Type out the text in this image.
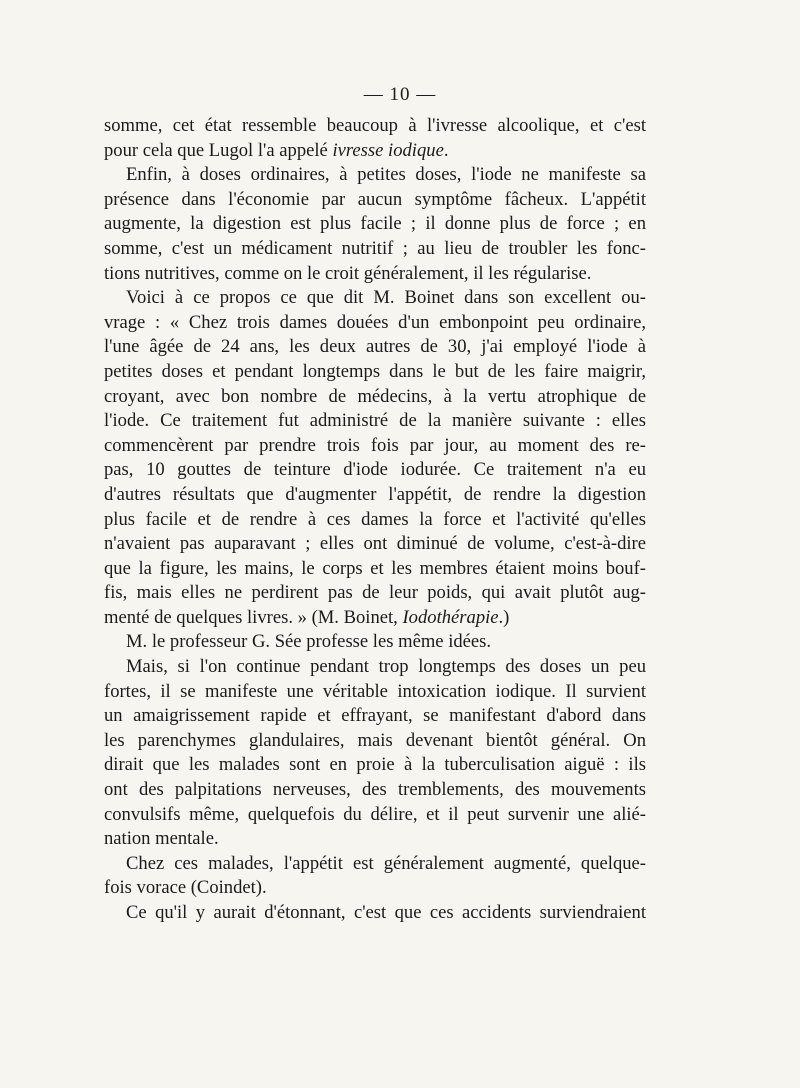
— 10 —

somme, cet état ressemble beaucoup à l'ivresse alcoolique, et c'est
pour cela que Lugol l'a appelé ivresse iodique.

Enfin, à doses ordinaires, à petites doses, l'iode ne manifeste sa
présence dans l'économie par aucun symptôme fâcheux. L'appétit
augmente, la digestion est plus facile ; il donne plus de force ; en
somme, c'est un médicament nutritif ; au lieu de troubler les fonc-
tions nutritives, comme on le croit généralement, il les régularise.

Voici à ce propos ce que dit M. Boinet dans son excellent ou-
vrage : « Chez trois dames douées d'un embonpoint peu ordinaire,
l'une âgée de 24 ans, les deux autres de 30, j'ai employé l'iode à
petites doses et pendant longtemps dans le but de les faire maigrir,
croyant, avec bon nombre de médecins, à la vertu atrophique de
l'iode. Ce traitement fut administré de la manière suivante : elles
commencèrent par prendre trois fois par jour, au moment des re-
pas, 10 gouttes de teinture d'iode iodurée. Ce traitement n'a eu
d'autres résultats que d'augmenter l'appétit, de rendre la digestion
plus facile et de rendre à ces dames la force et l'activité qu'elles
n'avaient pas auparavant ; elles ont diminué de volume, c'est-à-dire
que la figure, les mains, le corps et les membres étaient moins bouf-
fis, mais elles ne perdirent pas de leur poids, qui avait plutôt aug-
menté de quelques livres. » (M. Boinet, Iodothérapie.)

M. le professeur G. Sée professe les même idées.

Mais, si l'on continue pendant trop longtemps des doses un peu
fortes, il se manifeste une véritable intoxication iodique. Il survient
un amaigrissement rapide et effrayant, se manifestant d'abord dans
les parenchymes glandulaires, mais devenant bientôt général. On
dirait que les malades sont en proie à la tuberculisation aiguë : ils
ont des palpitations nerveuses, des tremblements, des mouvements
convulsifs même, quelquefois du délire, et il peut survenir une alié-
nation mentale.

Chez ces malades, l'appétit est généralement augmenté, quelque-
fois vorace (Coindet).

Ce qu'il y aurait d'étonnant, c'est que ces accidents surviendraient
